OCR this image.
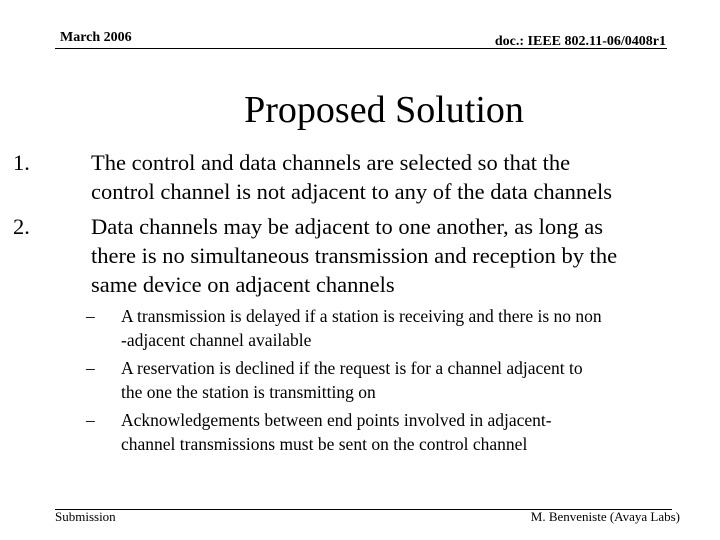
March 2006	doc.: IEEE 802.11-06/0408r1
Proposed Solution
1.	The control and data channels are selected so that the
control channel is not adjacent to any of the data channels
2.	Data channels may be adjacent to one another, as long as
there is no simultaneous transmission and reception by the
same device on adjacent channels
– A transmission is delayed if a station is receiving and there is no non
-adjacent channel available
– A reservation is declined if the request is for a channel adjacent to
the one the station is transmitting on
– Acknowledgements between end points involved in adjacent-
channel transmissions must be sent on the control channel
Submission	M. Benveniste (Avaya Labs)
